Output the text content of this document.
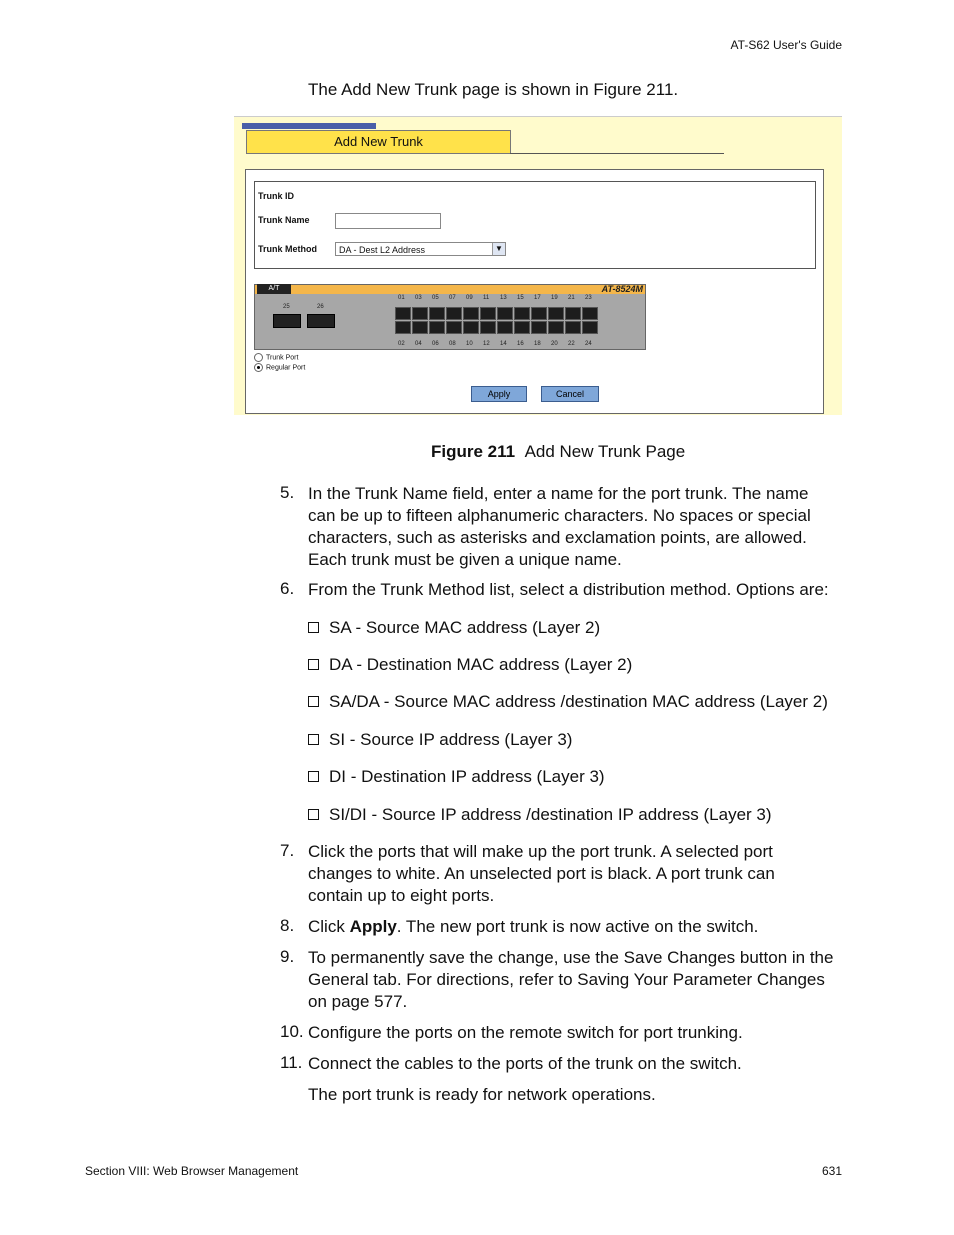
AT-S62 User's Guide
The Add New Trunk page is shown in Figure 211.
Add New Trunk
Trunk ID
Trunk Name
Trunk Method	DA - Dest L2 Address	▼
A/T	AT-8524M
25	26
01 03 05 07 09 11 13 15 17 19 21 23
02 04 06 08 10 12 14 16 18 20 22 24
Trunk Port
Regular Port
Apply	Cancel
Figure 211 Add New Trunk Page
5. In the Trunk Name field, enter a name for the port trunk. The name
can be up to fifteen alphanumeric characters. No spaces or special
characters, such as asterisks and exclamation points, are allowed.
Each trunk must be given a unique name.
6. From the Trunk Method list, select a distribution method. Options are:
SA - Source MAC address (Layer 2)
DA - Destination MAC address (Layer 2)
SA/DA - Source MAC address /destination MAC address (Layer 2)
SI - Source IP address (Layer 3)
DI - Destination IP address (Layer 3)
SI/DI - Source IP address /destination IP address (Layer 3)
7. Click the ports that will make up the port trunk. A selected port
changes to white. An unselected port is black. A port trunk can
contain up to eight ports.
8. Click Apply. The new port trunk is now active on the switch.
9. To permanently save the change, use the Save Changes button in the
General tab. For directions, refer to Saving Your Parameter Changes
on page 577.
10. Configure the ports on the remote switch for port trunking.
11. Connect the cables to the ports of the trunk on the switch.
The port trunk is ready for network operations.
Section VIII: Web Browser Management	631
